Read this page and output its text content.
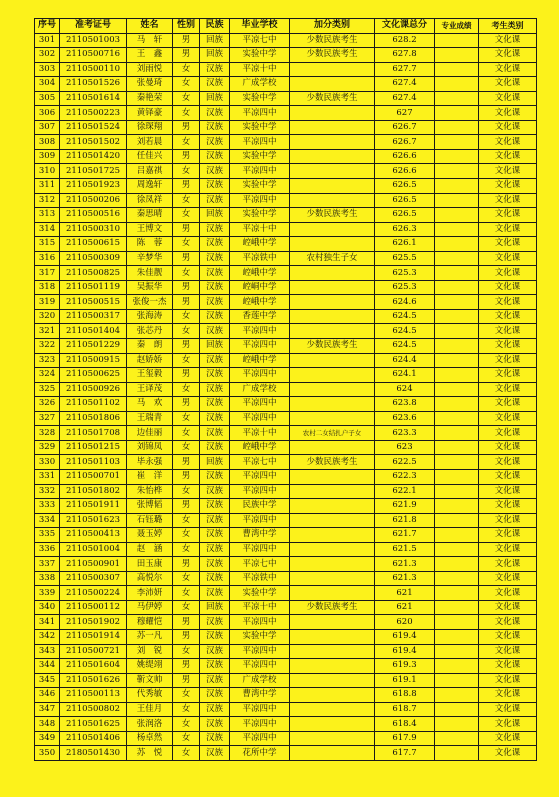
序号	准考证号	姓名	性别	民族	毕业学校	加分类别	文化课总分	专业成绩	考生类别
301	2110501003	马　轩	男	回族	平凉七中	少数民族考生	628.2		文化课
302	2110500716	王　鑫	男	回族	实验中学	少数民族考生	627.8		文化课
303	2110500110	刘雨悦	女	汉族	平凉十中		627.7		文化课
304	2110501526	张曼琦	女	汉族	广成学校		627.4		文化课
305	2110501614	秦艳荣	女	回族	实验中学	少数民族考生	627.4		文化课
306	2110500223	黄铎豪	女	汉族	平凉四中		627		文化课
307	2110501524	徐琛翔	男	汉族	实验中学		626.7		文化课
308	2110501502	刘若晨	女	汉族	平凉四中		626.7		文化课
309	2110501420	任佳兴	男	汉族	实验中学		626.6		文化课
310	2110501725	吕嘉祺	女	汉族	平凉四中		626.6		文化课
311	2110501923	周逸轩	男	汉族	实验中学		626.5		文化课
312	2110500206	徐凤祥	女	汉族	平凉四中		626.5		文化课
313	2110500516	秦思晴	女	回族	实验中学	少数民族考生	626.5		文化课
314	2110500310	王博文	男	汉族	平凉十中		626.3		文化课
315	2110500615	陈　蓉	女	汉族	崆峨中学		626.1		文化课
316	2110500309	辛梦华	男	汉族	平凉铁中	农村独生子女	625.5		文化课
317	2110500825	朱佳靓	女	汉族	崆峨中学		625.3		文化课
318	2110501119	吴振华	男	汉族	崆峒中学		625.3		文化课
319	2110500515	张俊一杰	男	汉族	崆峨中学		624.6		文化课
320	2110500317	张海涛	女	汉族	香莲中学		624.5		文化课
321	2110501404	张芯丹	女	汉族	平凉四中		624.5		文化课
322	2110501229	秦　朗	男	回族	平凉四中	少数民族考生	624.5		文化课
323	2110500915	赵娇娇	女	汉族	崆峨中学		624.4		文化课
324	2110500625	王玺毅	男	汉族	平凉四中		624.1		文化课
325	2110500926	王译茂	女	汉族	广成学校		624		文化课
326	2110501102	马　欢	男	汉族	平凉四中		623.8		文化课
327	2110501806	王瑞青	女	汉族	平凉四中		623.6		文化课
328	2110501708	边佳丽	女	汉族	平凉十中	农村二女结扎户子女	623.3		文化课
329	2110501215	刘锦凤	女	汉族	崆峨中学		623		文化课
330	2110501103	毕永强	男	回族	平凉七中	少数民族考生	622.5		文化课
331	2110500701	崔　洋	男	汉族	平凉四中		622.3		文化课
332	2110501802	朱怡桦	女	汉族	平凉四中		622.1		文化课
333	2110501911	张博韬	男	汉族	民族中学		621.9		文化课
334	2110501623	石钰璐	女	汉族	平凉四中		621.8		文化课
335	2110500413	聂玉婷	女	汉族	曹湾中学		621.7		文化课
336	2110501004	赵　涵	女	汉族	平凉四中		621.5		文化课
337	2110500901	田玉康	男	汉族	平凉七中		621.3		文化课
338	2110500307	高悦尔	女	汉族	平凉铁中		621.3		文化课
339	2110500224	李沛妍	女	汉族	实验中学		621		文化课
340	2110500112	马伊婷	女	回族	平凉十中	少数民族考生	621		文化课
341	2110501902	穆耀恺	男	汉族	平凉四中		620		文化课
342	2110501914	苏一凡	男	汉族	实验中学		619.4		文化课
343	2110500721	刘　锐	女	汉族	平凉四中		619.4		文化课
344	2110501604	姚缇翊	男	汉族	平凉四中		619.3		文化课
345	2110501626	靳文帅	男	汉族	广成学校		619.1		文化课
346	2110500113	代秀敏	女	汉族	曹湾中学		618.8		文化课
347	2110500802	王佳月	女	汉族	平凉四中		618.7		文化课
348	2110501625	张润洛	女	汉族	平凉四中		618.4		文化课
349	2110501406	杨卓然	女	汉族	平凉四中		617.9		文化课
350	2180501430	苏　悦	女	汉族	花所中学		617.7		文化课
